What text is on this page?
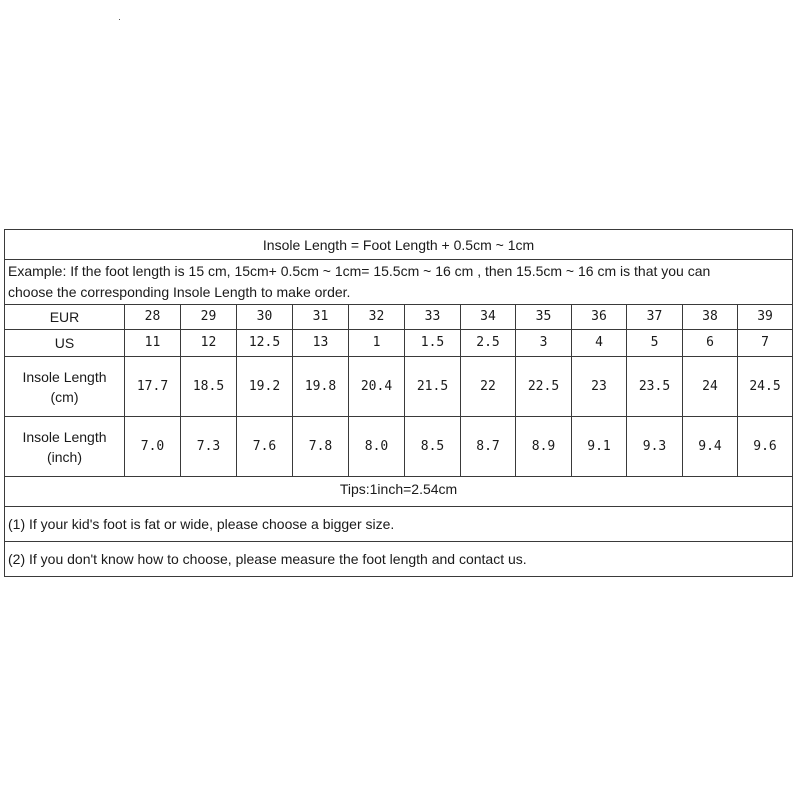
Insole Length = Foot Length + 0.5cm ~ 1cm												

Example: If the foot length is 15 cm, 15cm+ 0.5cm ~ 1cm= 15.5cm ~ 16 cm , then 15.5cm ~ 16 cm is that you can
choose the corresponding Insole Length to make order.												

EUR	28	29	30	31	32	33	34	35	36	37	38	39
US	11	12	12.5	13	1	1.5	2.5	3	4	5	6	7

Insole Length
(cm)	17.7	18.5	19.2	19.8	20.4	21.5	22	22.5	23	23.5	24	24.5

Insole Length
(inch)	7.0	7.3	7.6	7.8	8.0	8.5	8.7	8.9	9.1	9.3	9.4	9.6
Tips:1inch=2.54cm												
(1) If your kid's foot is fat or wide, please choose a bigger size.												
(2) If you don't know how to choose, please measure the foot length and contact us.												
